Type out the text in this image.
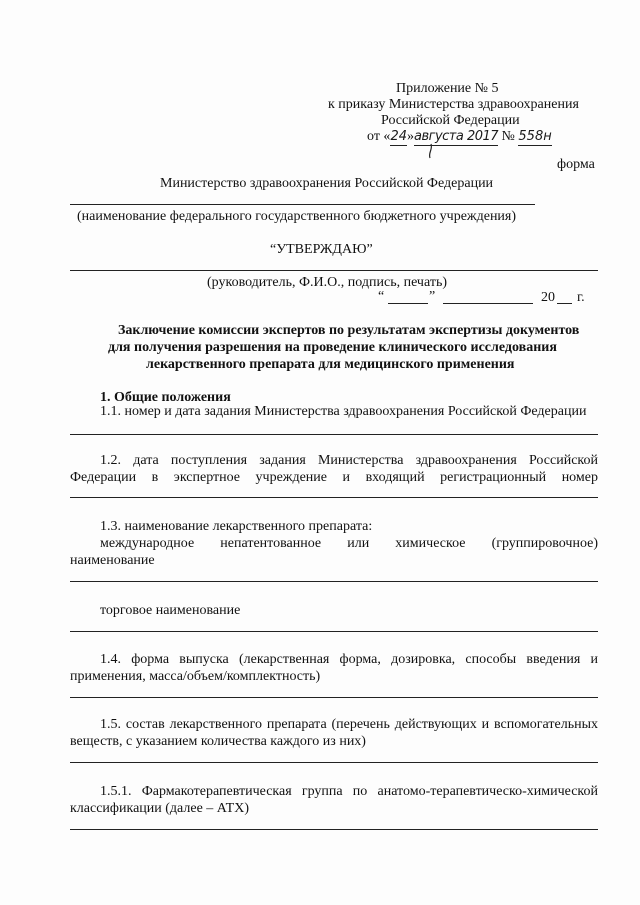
Приложение № 5
к приказу Министерства здравоохранения
Российской Федерации
от «24»августа 2017 № 558н
форма
Министерство здравоохранения Российской Федерации
(наименование федерального государственного бюджетного учреждения)
“УТВЕРЖДАЮ”
(руководитель, Ф.И.О., подпись, печать)
“	”	20 г.
Заключение комиссии экспертов по результатам экспертизы документов
для получения разрешения на проведение клинического исследования
лекарственного препарата для медицинского применения
1. Общие положения
1.1. номер и дата задания Министерства здравоохранения Российской Федерации
1.2. дата поступления задания Министерства здравоохранения Российской
Федерации в экспертное учреждение и входящий регистрационный номер
1.3. наименование лекарственного препарата:
международное непатентованное или химическое (группировочное)
наименование
торговое наименование
1.4. форма выпуска (лекарственная форма, дозировка, способы введения и
применения, масса/объем/комплектность)
1.5. состав лекарственного препарата (перечень действующих и вспомогательных
веществ, с указанием количества каждого из них)
1.5.1. Фармакотерапевтическая группа по анатомо-терапевтическо-химической
классификации (далее – АТХ)
